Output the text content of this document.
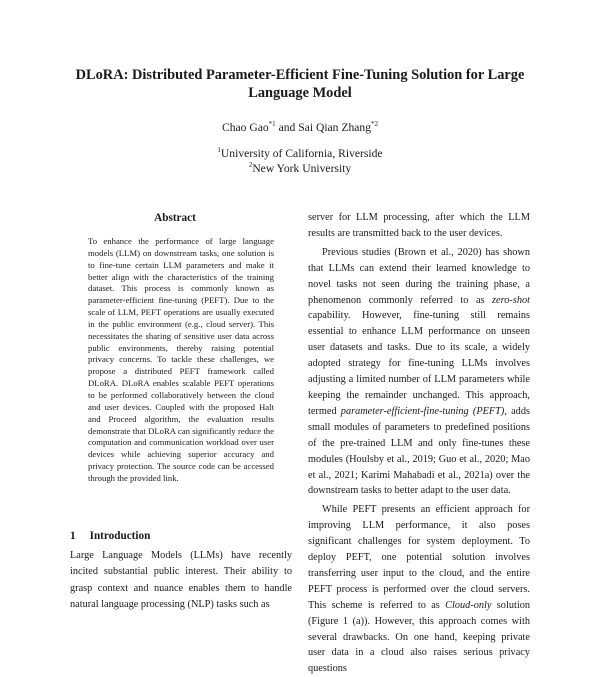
DLoRA: Distributed Parameter-Efficient Fine-Tuning Solution for Large Language Model
Chao Gao$^{*1}$ and Sai Qian Zhang$^{*2}$
$^1$University of California, Riverside
$^2$New York University
Abstract
To enhance the performance of large language models (LLM) on downstream tasks, one solution is to fine-tune certain LLM parameters and make it better align with the characteristics of the training dataset. This process is commonly known as parameter-efficient fine-tuning (PEFT). Due to the scale of LLM, PEFT operations are usually executed in the public environment (e.g., cloud server). This necessitates the sharing of sensitive user data across public environments, thereby raising potential privacy concerns. To tackle these challenges, we propose a distributed PEFT framework called DLoRA. DLoRA enables scalable PEFT operations to be performed collaboratively between the cloud and user devices. Coupled with the proposed Halt and Proceed algorithm, the evaluation results demonstrate that DLoRA can significantly reduce the computation and communication workload over user devices while achieving superior accuracy and privacy protection. The source code can be accessed through the provided link.
1 Introduction
Large Language Models (LLMs) have recently incited substantial public interest. Their ability to grasp context and nuance enables them to handle natural language processing (NLP) tasks such as

server for LLM processing, after which the LLM results are transmitted back to the user devices.

Previous studies (Brown et al., 2020) has shown that LLMs can extend their learned knowledge to novel tasks not seen during the training phase, a phenomenon commonly referred to as zero-shot capability. However, fine-tuning still remains essential to enhance LLM performance on unseen user datasets and tasks. Due to its scale, a widely adopted strategy for fine-tuning LLMs involves adjusting a limited number of LLM parameters while keeping the remainder unchanged. This approach, termed parameter-efficient-fine-tuning (PEFT), adds small modules of parameters to predefined positions of the pre-trained LLM and only fine-tunes these modules (Houlsby et al., 2019; Guo et al., 2020; Mao et al., 2021; Karimi Mahabadi et al., 2021a) over the downstream tasks to better adapt to the user data.

While PEFT presents an efficient approach for improving LLM performance, it also poses significant challenges for system deployment. To deploy PEFT, one potential solution involves transferring user input to the cloud, and the entire PEFT process is performed over the cloud servers. This scheme is referred to as Cloud-only solution (Figure 1 (a)). However, this approach comes with several drawbacks. On one hand, keeping private user data in a cloud also raises serious privacy questions
